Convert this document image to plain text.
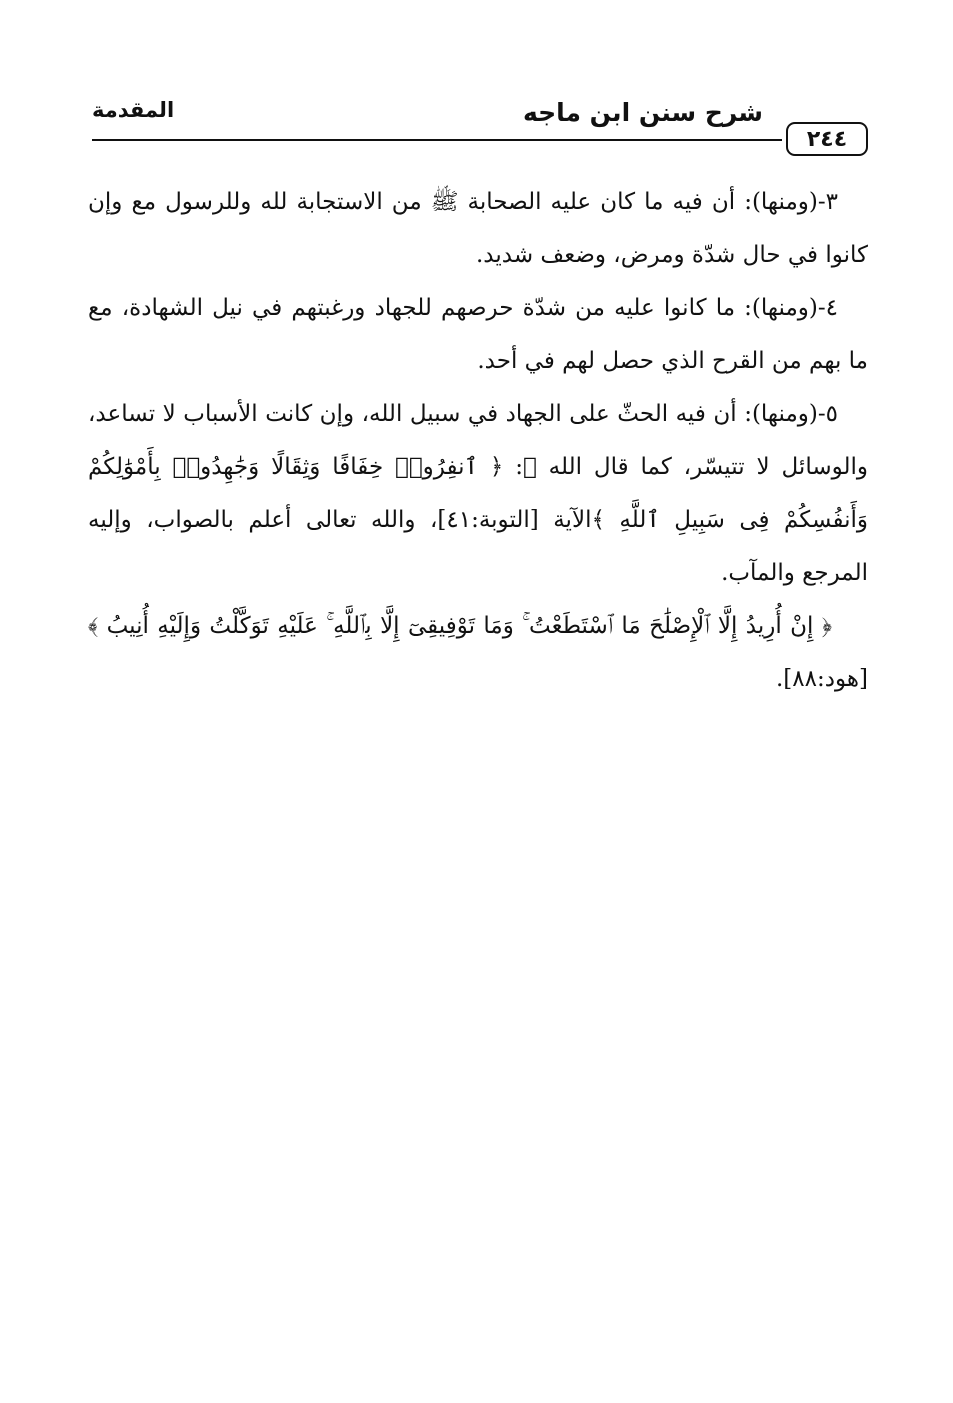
٢٤٤
شرح سنن ابن ماجه
المقدمة

٣-(ومنها): أن فيه ما كان عليه الصحابة ﷺ من الاستجابة لله وللرسول مع وإن كانوا في حال شدّة ومرض، وضعف شديد.

٤-(ومنها): ما كانوا عليه من شدّة حرصهم للجهاد ورغبتهم في نيل الشهادة، مع ما بهم من القرح الذي حصل لهم في أحد.

٥-(ومنها): أن فيه الحثّ على الجهاد في سبيل الله، وإن كانت الأسباب لا تساعد، والوسائل لا تتيسّر، كما قال الله ﷻ: ﴿ ٱنفِرُوا۟ خِفَافًا وَثِقَالًا وَجَٰهِدُوا۟ بِأَمْوَٰلِكُمْ وَأَنفُسِكُمْ فِى سَبِيلِ ٱللَّهِ ﴾الآية [التوبة:٤١]، والله تعالى أعلم بالصواب، وإليه المرجع والمآب.

﴿ إِنْ أُرِيدُ إِلَّا ٱلْإِصْلَٰحَ مَا ٱسْتَطَعْتُ ۚ وَمَا تَوْفِيقِىٓ إِلَّا بِٱللَّهِ ۚ عَلَيْهِ تَوَكَّلْتُ وَإِلَيْهِ أُنِيبُ ﴾ [هود:٨٨].
